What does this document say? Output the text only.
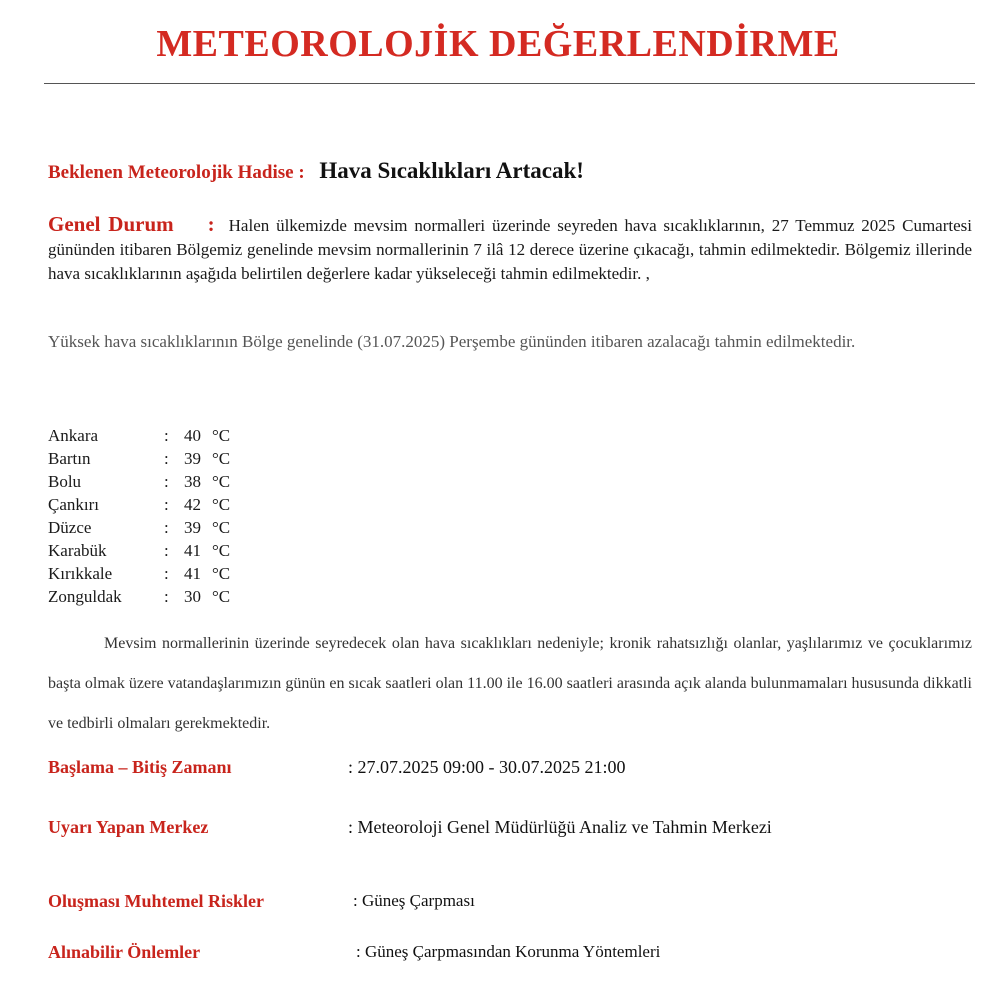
METEOROLOJİK DEĞERLENDİRME
Beklenen Meteorolojik Hadise : Hava Sıcaklıkları Artacak!
Genel Durum : Halen ülkemizde mevsim normalleri üzerinde seyreden hava sıcaklıklarının, 27 Temmuz 2025 Cumartesi gününden itibaren Bölgemiz genelinde mevsim normallerinin 7 ilâ 12 derece üzerine çıkacağı, tahmin edilmektedir. Bölgemiz illerinde hava sıcaklıklarının aşağıda belirtilen değerlere kadar yükseleceği tahmin edilmektedir. ,
Yüksek hava sıcaklıklarının Bölge genelinde (31.07.2025) Perşembe gününden itibaren azalacağı tahmin edilmektedir.
Ankara	: 40 °C
Bartın	: 39 °C
Bolu	: 38 °C
Çankırı	: 42 °C
Düzce	: 39 °C
Karabük	: 41 °C
Kırıkkale	: 41 °C
Zonguldak	: 30 °C
Mevsim normallerinin üzerinde seyredecek olan hava sıcaklıkları nedeniyle; kronik rahatsızlığı olanlar, yaşlılarımız ve çocuklarımız başta olmak üzere vatandaşlarımızın günün en sıcak saatleri olan 11.00 ile 16.00 saatleri arasında açık alanda bulunmamaları hususunda dikkatli ve tedbirli olmaları gerekmektedir.
Başlama – Bitiş Zamanı	: 27.07.2025 09:00 - 30.07.2025 21:00
Uyarı Yapan Merkez	: Meteoroloji Genel Müdürlüğü Analiz ve Tahmin Merkezi
Oluşması Muhtemel Riskler	: Güneş Çarpması
Alınabilir Önlemler	: Güneş Çarpmasından Korunma Yöntemleri
